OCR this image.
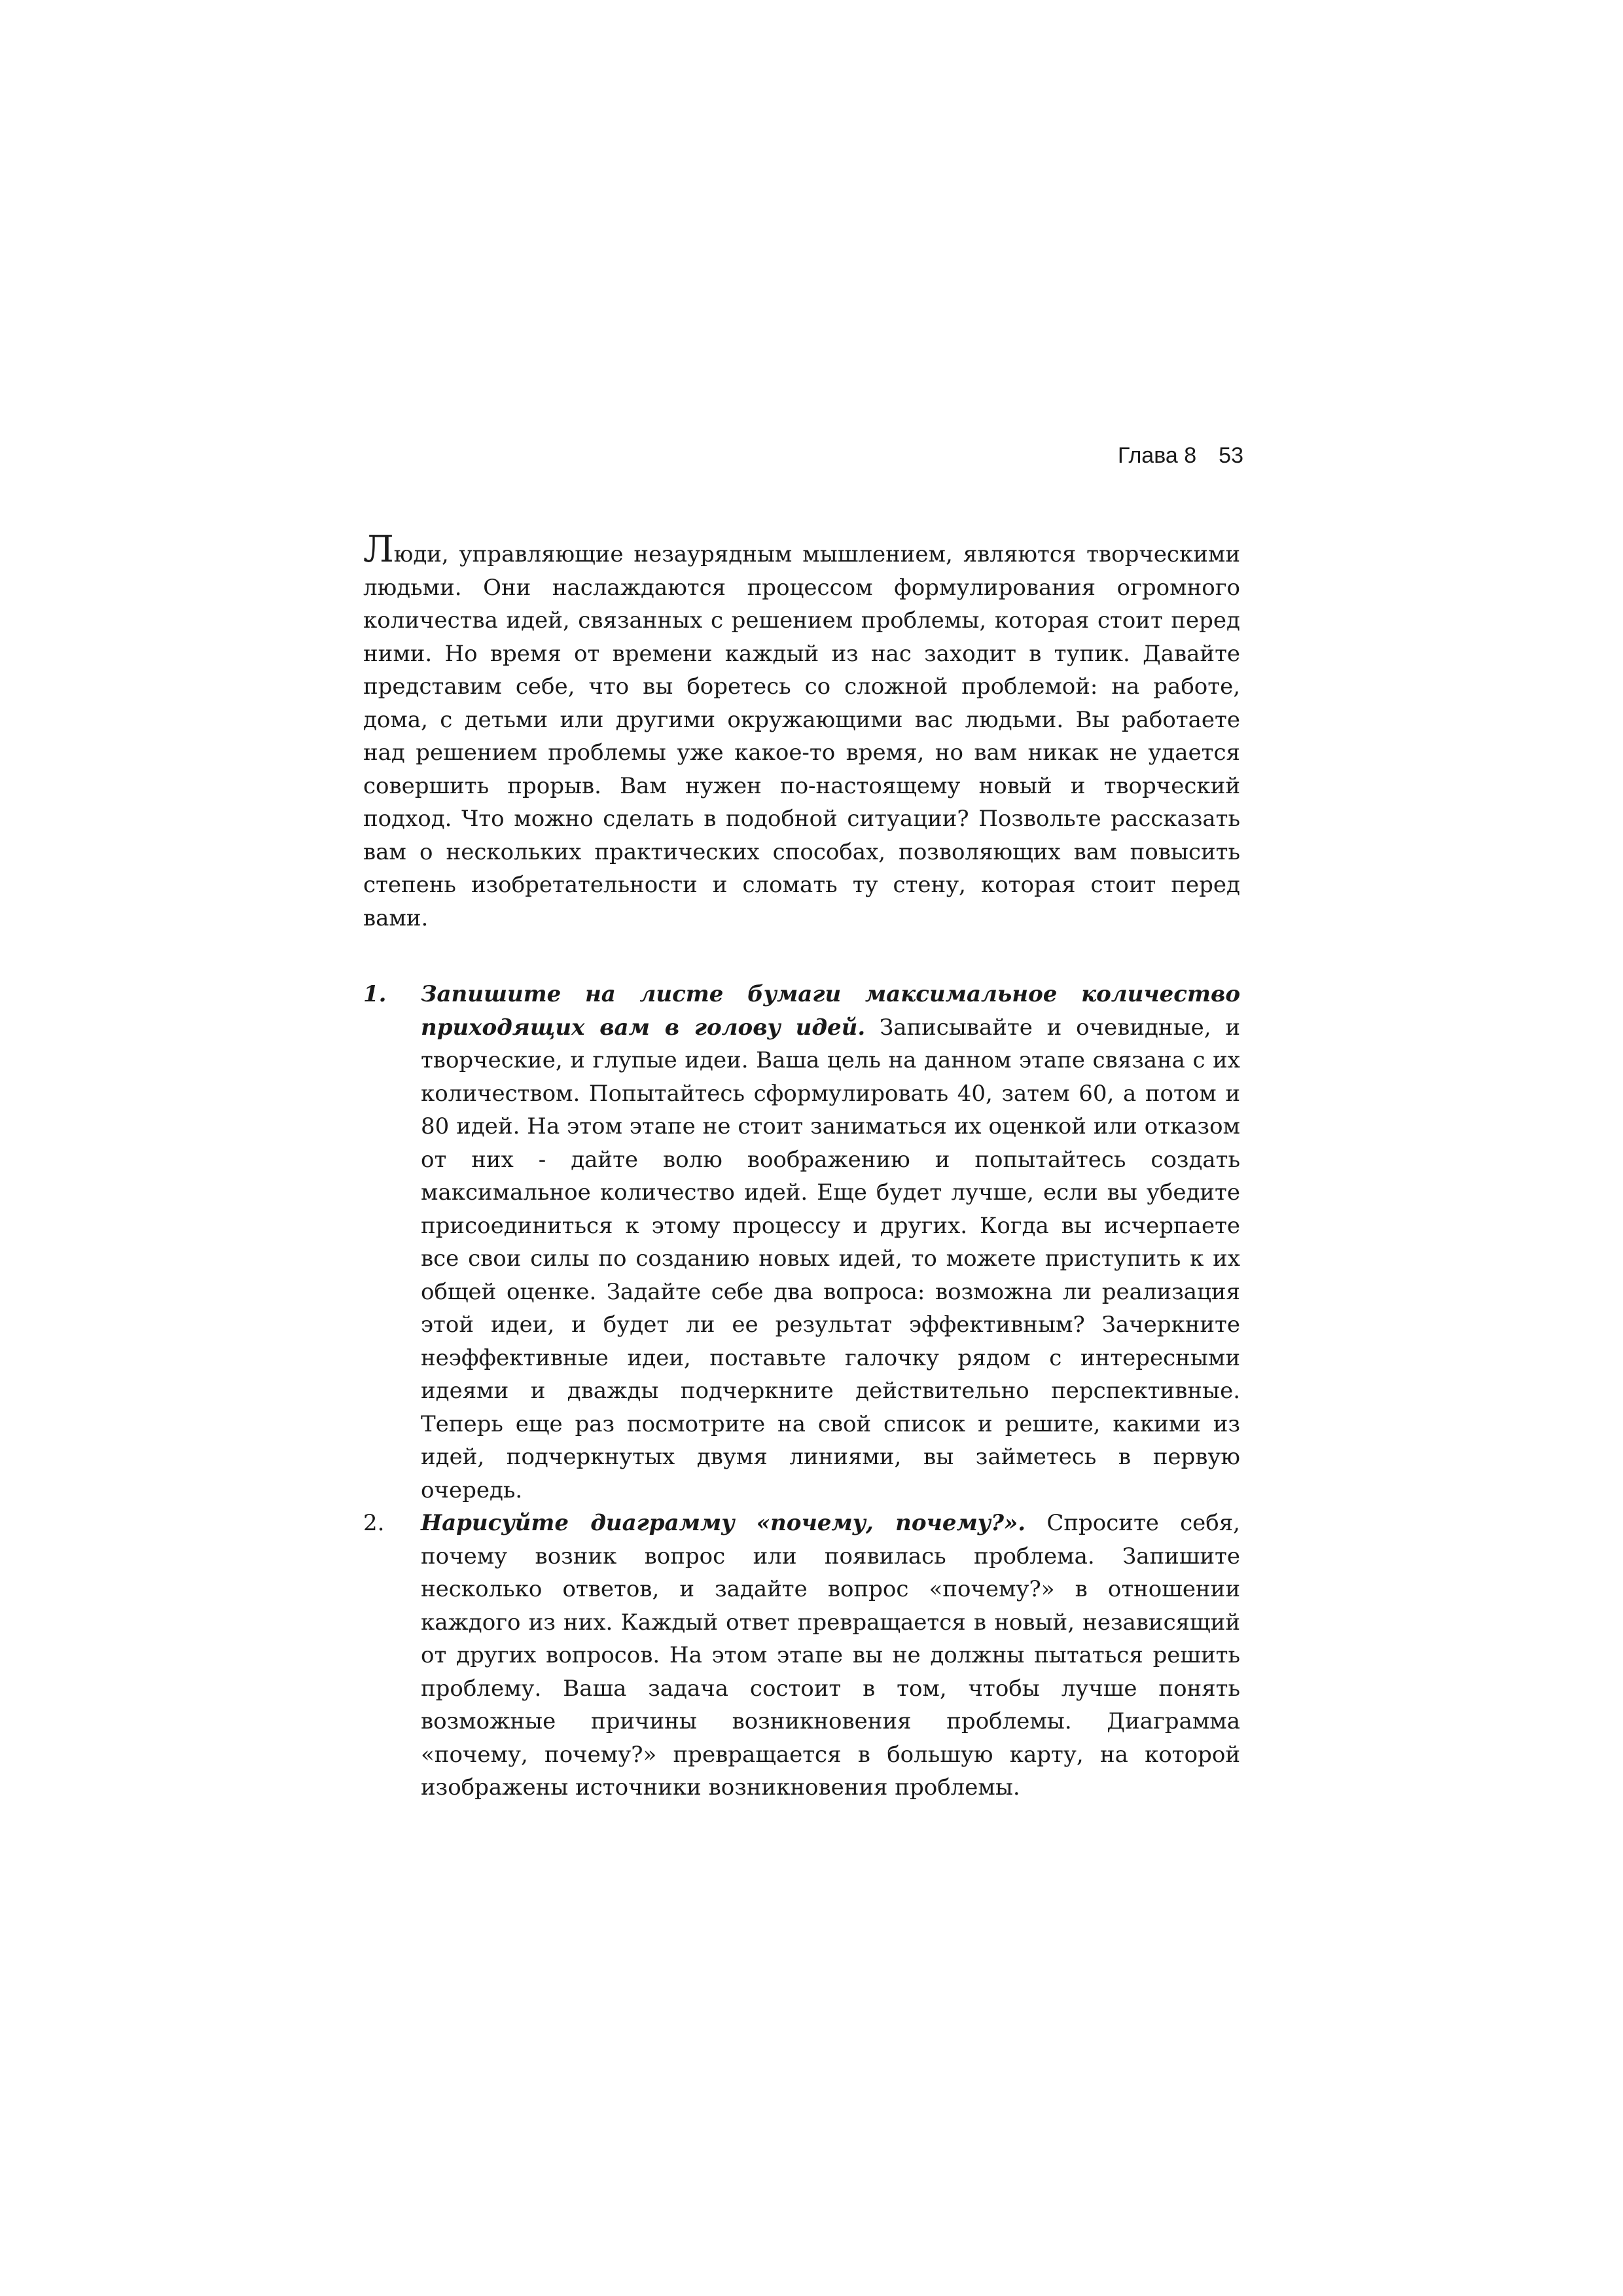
Глава 8 53

Люди, управляющие незаурядным мышлением, являются творческими людьми. Они наслаждаются процессом формулирования огромного количества идей, связанных с решением проблемы, которая стоит перед ними. Но время от времени каждый из нас заходит в тупик. Давайте представим себе, что вы боретесь со сложной проблемой: на работе, дома, с детьми или другими окружающими вас людьми. Вы работаете над решением проблемы уже какое-то время, но вам никак не удается совершить прорыв. Вам нужен по-настоящему новый и творческий подход. Что можно сделать в подобной ситуации? Позвольте рассказать вам о нескольких практических способах, позволяющих вам повысить степень изобретательности и сломать ту стену, которая стоит перед вами.

1.	Запишите на листе бумаги максимальное количество приходящих вам в голову идей. Записывайте и очевидные, и творческие, и глупые идеи. Ваша цель на данном этапе связана с их количеством. Попытайтесь сформулировать 40, затем 60, а потом и 80 идей. На этом этапе не стоит заниматься их оценкой или отказом от них - дайте волю воображению и попытайтесь создать максимальное количество идей. Еще будет лучше, если вы убедите присоединиться к этому процессу и других. Когда вы исчерпаете все свои силы по созданию новых идей, то можете приступить к их общей оценке. Задайте себе два вопроса: возможна ли реализация этой идеи, и будет ли ее результат эффективным? Зачеркните неэффективные идеи, поставьте галочку рядом с интересными идеями и дважды подчеркните действительно перспективные. Теперь еще раз посмотрите на свой список и решите, какими из идей, подчеркнутых двумя линиями, вы займетесь в первую очередь.

2.	Нарисуйте диаграмму «почему, почему?». Спросите себя, почему возник вопрос или появилась проблема. Запишите несколько ответов, и задайте вопрос «почему?» в отношении каждого из них. Каждый ответ превращается в новый, независящий от других вопросов. На этом этапе вы не должны пытаться решить проблему. Ваша задача состоит в том, чтобы лучше понять возможные причины возникновения проблемы. Диаграмма «почему, почему?» превращается в большую карту, на которой изображены источники возникновения проблемы.
